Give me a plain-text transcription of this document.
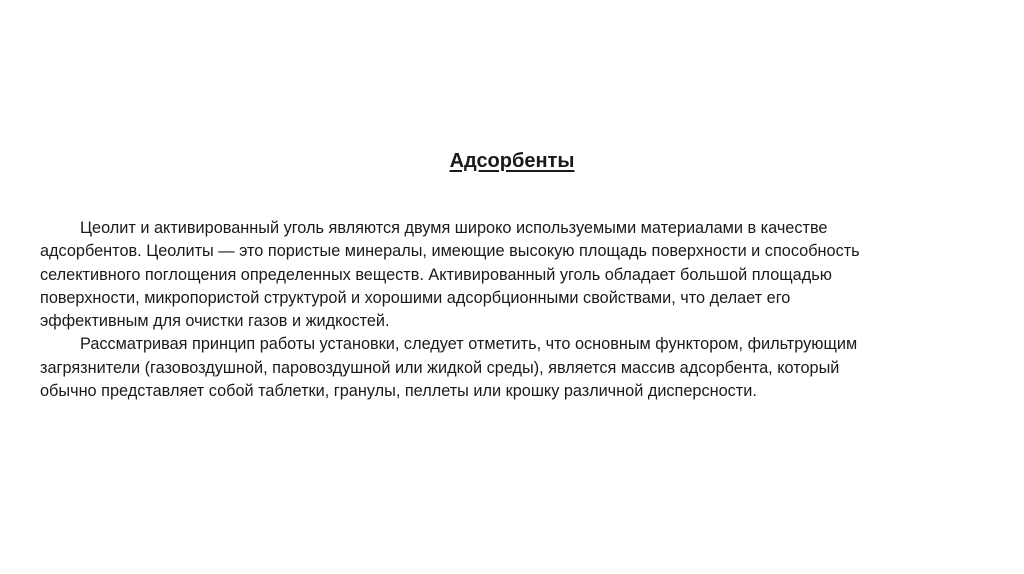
Адсорбенты

Цеолит и активированный уголь являются двумя широко используемыми материалами в качестве
адсорбентов. Цеолиты — это пористые минералы, имеющие высокую площадь поверхности и способность
селективного поглощения определенных веществ. Активированный уголь обладает большой площадью
поверхности, микропористой структурой и хорошими адсорбционными свойствами, что делает его
эффективным для очистки газов и жидкостей.

Рассматривая принцип работы установки, следует отметить, что основным функтором, фильтрующим
загрязнители (газовоздушной, паровоздушной или жидкой среды), является массив адсорбента, который
обычно представляет собой таблетки, гранулы, пеллеты или крошку различной дисперсности.
